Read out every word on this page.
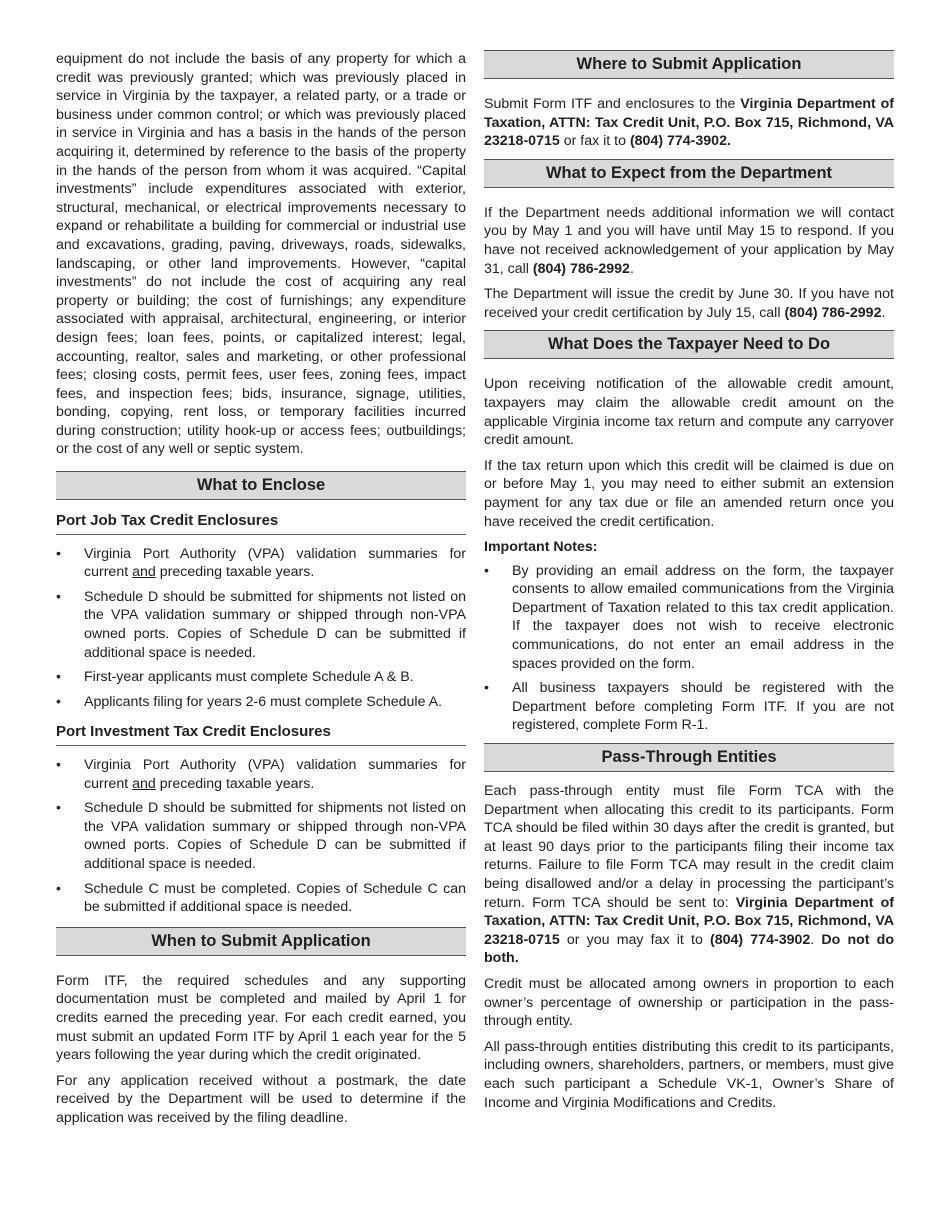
equipment do not include the basis of any property for which a credit was previously granted; which was previously placed in service in Virginia by the taxpayer, a related party, or a trade or business under common control; or which was previously placed in service in Virginia and has a basis in the hands of the person acquiring it, determined by reference to the basis of the property in the hands of the person from whom it was acquired. “Capital investments” include expenditures associated with exterior, structural, mechanical, or electrical improvements necessary to expand or rehabilitate a building for commercial or industrial use and excavations, grading, paving, driveways, roads, sidewalks, landscaping, or other land improvements. However, “capital investments” do not include the cost of acquiring any real property or building; the cost of furnishings; any expenditure associated with appraisal, architectural, engineering, or interior design fees; loan fees, points, or capitalized interest; legal, accounting, realtor, sales and marketing, or other professional fees; closing costs, permit fees, user fees, zoning fees, impact fees, and inspection fees; bids, insurance, signage, utilities, bonding, copying, rent loss, or temporary facilities incurred during construction; utility hook-up or access fees; outbuildings; or the cost of any well or septic system.

What to Enclose
Port Job Tax Credit Enclosures
• Virginia Port Authority (VPA) validation summaries for current and preceding taxable years.
• Schedule D should be submitted for shipments not listed on the VPA validation summary or shipped through non-VPA owned ports. Copies of Schedule D can be submitted if additional space is needed.
• First-year applicants must complete Schedule A & B.
• Applicants filing for years 2-6 must complete Schedule A.
Port Investment Tax Credit Enclosures
• Virginia Port Authority (VPA) validation summaries for current and preceding taxable years.
• Schedule D should be submitted for shipments not listed on the VPA validation summary or shipped through non-VPA owned ports. Copies of Schedule D can be submitted if additional space is needed.
• Schedule C must be completed. Copies of Schedule C can be submitted if additional space is needed.
When to Submit Application

Form ITF, the required schedules and any supporting documentation must be completed and mailed by April 1 for credits earned the preceding year. For each credit earned, you must submit an updated Form ITF by April 1 each year for the 5 years following the year during which the credit originated.

For any application received without a postmark, the date received by the Department will be used to determine if the application was received by the filing deadline.

Where to Submit Application

Submit Form ITF and enclosures to the Virginia Department of Taxation, ATTN: Tax Credit Unit, P.O. Box 715, Richmond, VA 23218-0715 or fax it to (804) 774-3902.

What to Expect from the Department

If the Department needs additional information we will contact you by May 1 and you will have until May 15 to respond. If you have not received acknowledgement of your application by May 31, call (804) 786-2992.

The Department will issue the credit by June 30. If you have not received your credit certification by July 15, call (804) 786-2992.

What Does the Taxpayer Need to Do

Upon receiving notification of the allowable credit amount, taxpayers may claim the allowable credit amount on the applicable Virginia income tax return and compute any carryover credit amount.

If the tax return upon which this credit will be claimed is due on or before May 1, you may need to either submit an extension payment for any tax due or file an amended return once you have received the credit certification.

Important Notes:
• By providing an email address on the form, the taxpayer consents to allow emailed communications from the Virginia Department of Taxation related to this tax credit application. If the taxpayer does not wish to receive electronic communications, do not enter an email address in the spaces provided on the form.
• All business taxpayers should be registered with the Department before completing Form ITF. If you are not registered, complete Form R-1.
Pass-Through Entities

Each pass-through entity must file Form TCA with the Department when allocating this credit to its participants. Form TCA should be filed within 30 days after the credit is granted, but at least 90 days prior to the participants filing their income tax returns. Failure to file Form TCA may result in the credit claim being disallowed and/or a delay in processing the participant’s return. Form TCA should be sent to: Virginia Department of Taxation, ATTN: Tax Credit Unit, P.O. Box 715, Richmond, VA 23218-0715 or you may fax it to (804) 774-3902. Do not do both.

Credit must be allocated among owners in proportion to each owner’s percentage of ownership or participation in the pass-through entity.

All pass-through entities distributing this credit to its participants, including owners, shareholders, partners, or members, must give each such participant a Schedule VK-1, Owner’s Share of Income and Virginia Modifications and Credits.
